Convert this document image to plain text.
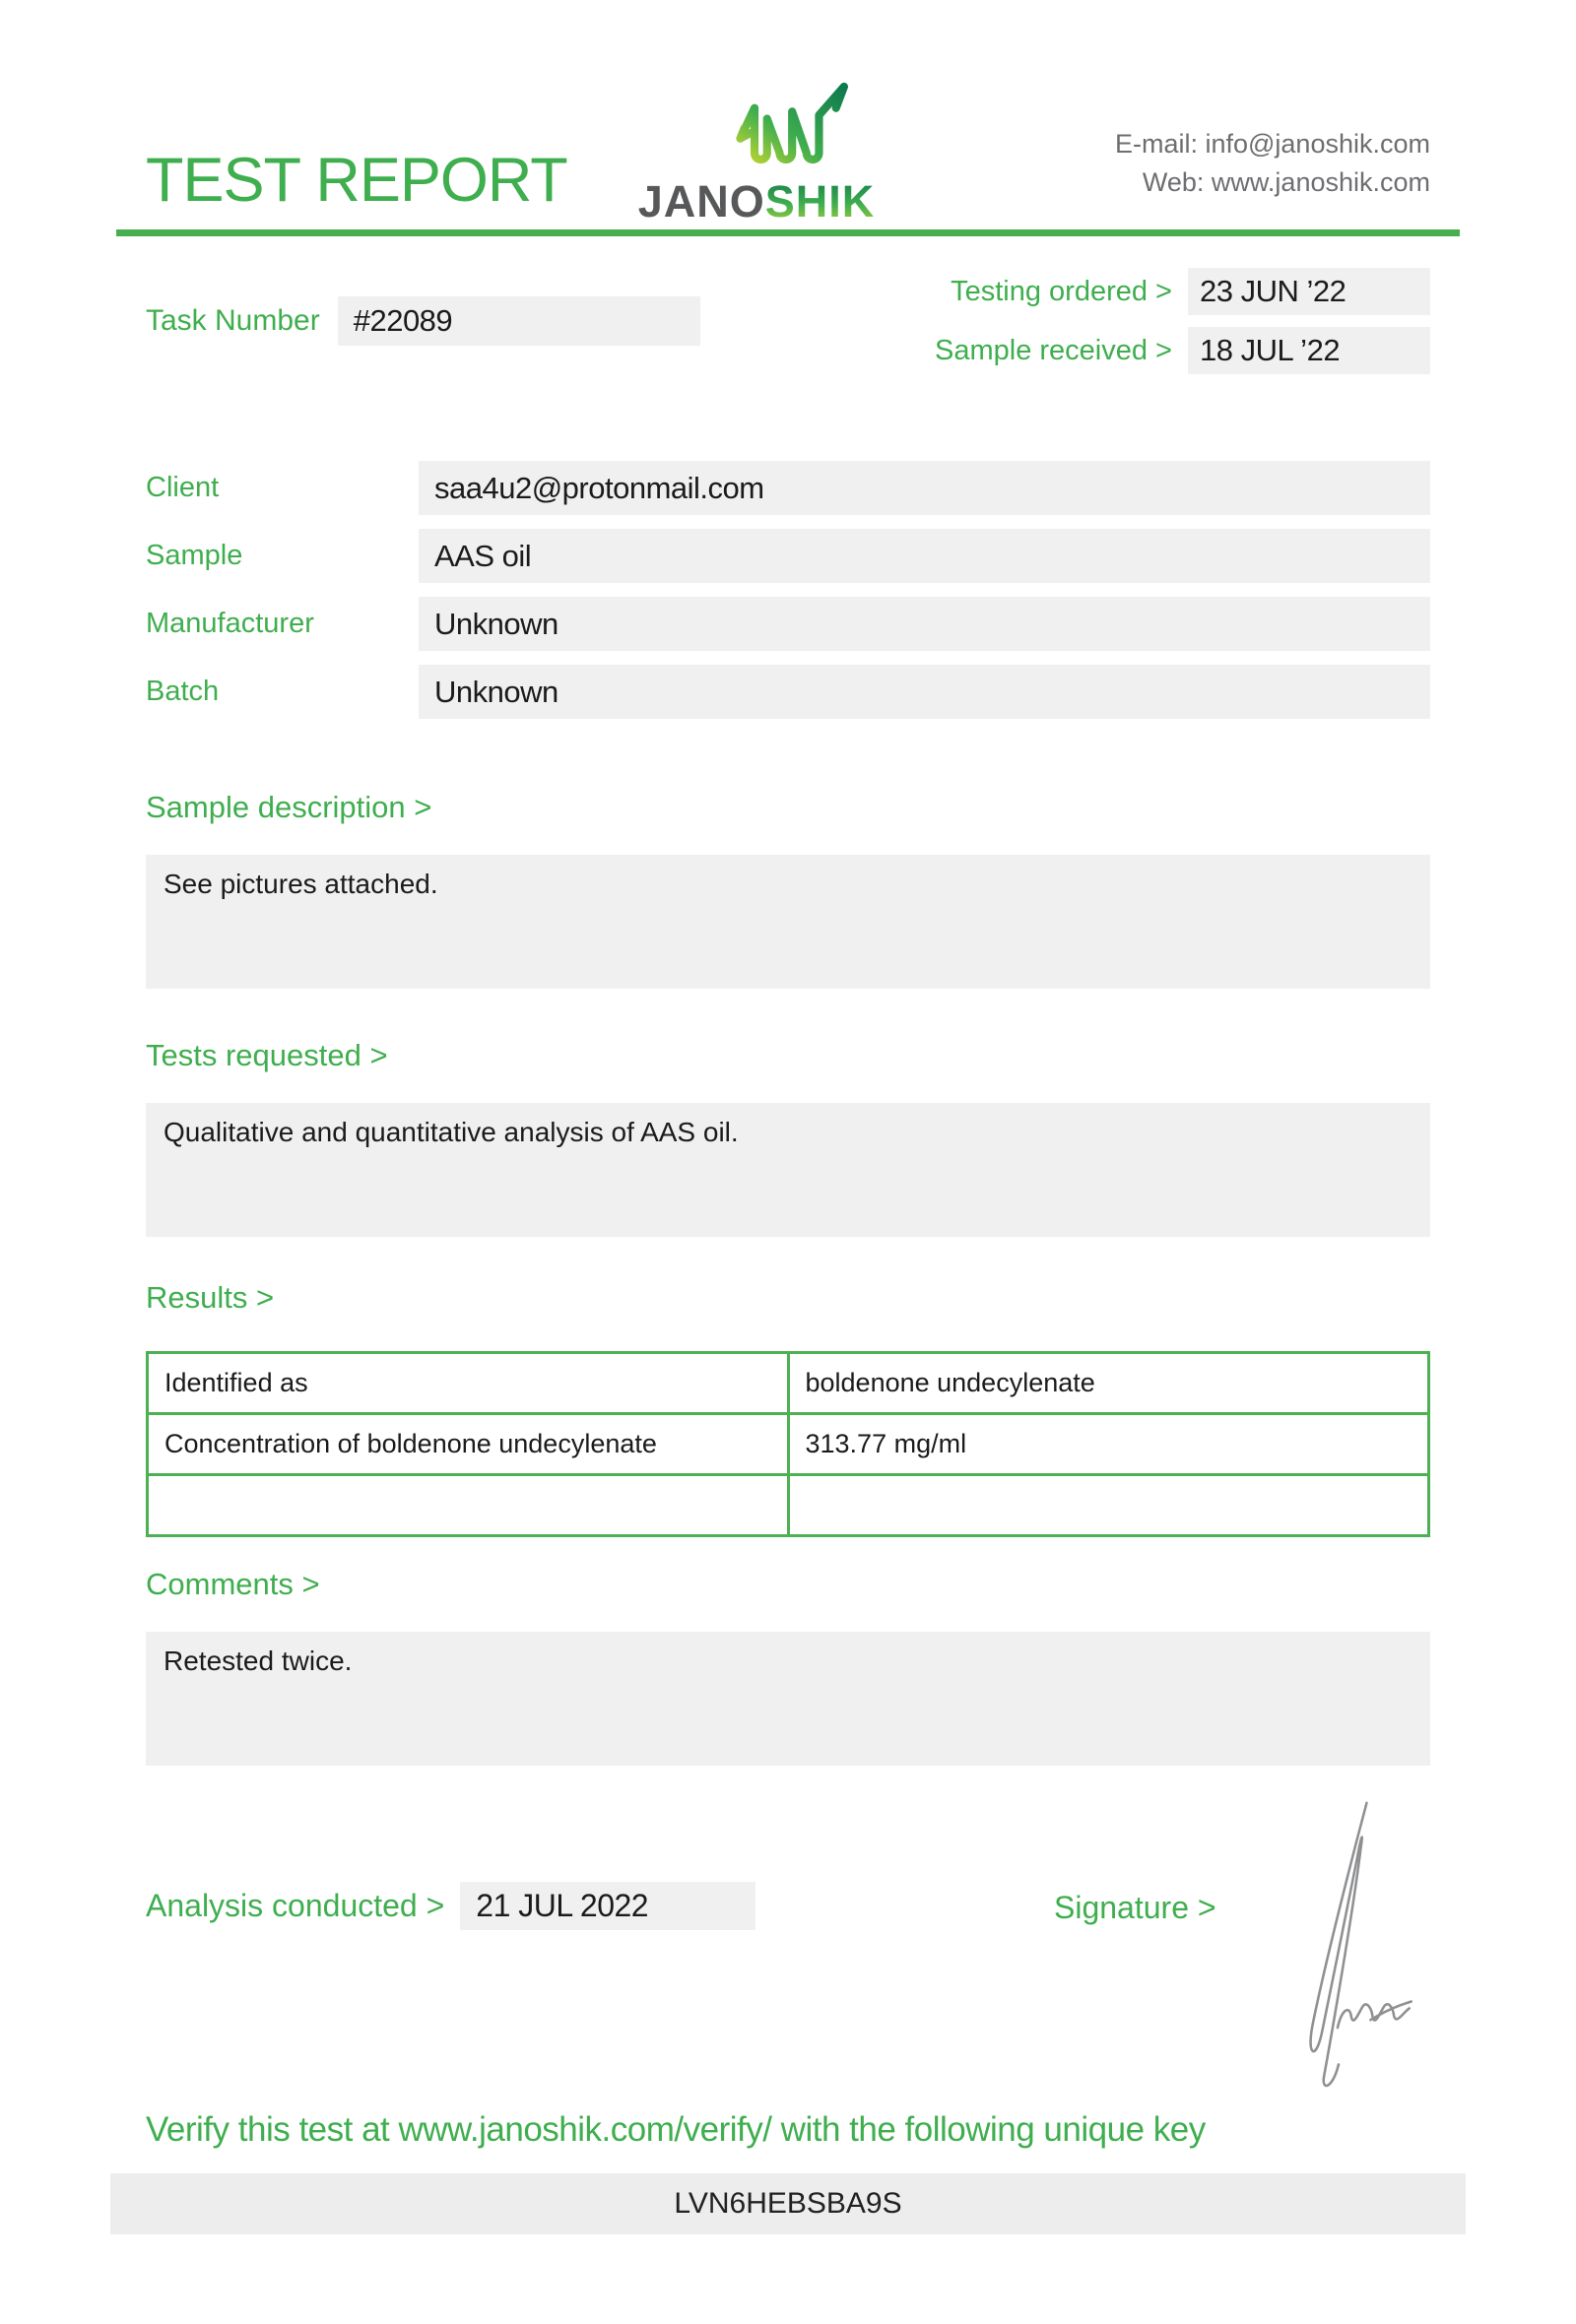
TEST REPORT	JANOSHIK
E-mail: info@janoshik.com
Web: www.janoshik.com
Task Number	#22089
Testing ordered > 23 JUN ’22
Sample received > 18 JUL ’22
Client	saa4u2@protonmail.com
Sample	AAS oil
Manufacturer	Unknown
Batch	Unknown
Sample description >
See pictures attached.
Tests requested >
Qualitative and quantitative analysis of AAS oil.
Results >
Identified as	boldenone undecylenate
Concentration of boldenone undecylenate	313.77 mg/ml

Comments >
Retested twice.
Analysis conducted >	21 JUL 2022	Signature >
Verify this test at www.janoshik.com/verify/ with the following unique key
LVN6HEBSBA9S
